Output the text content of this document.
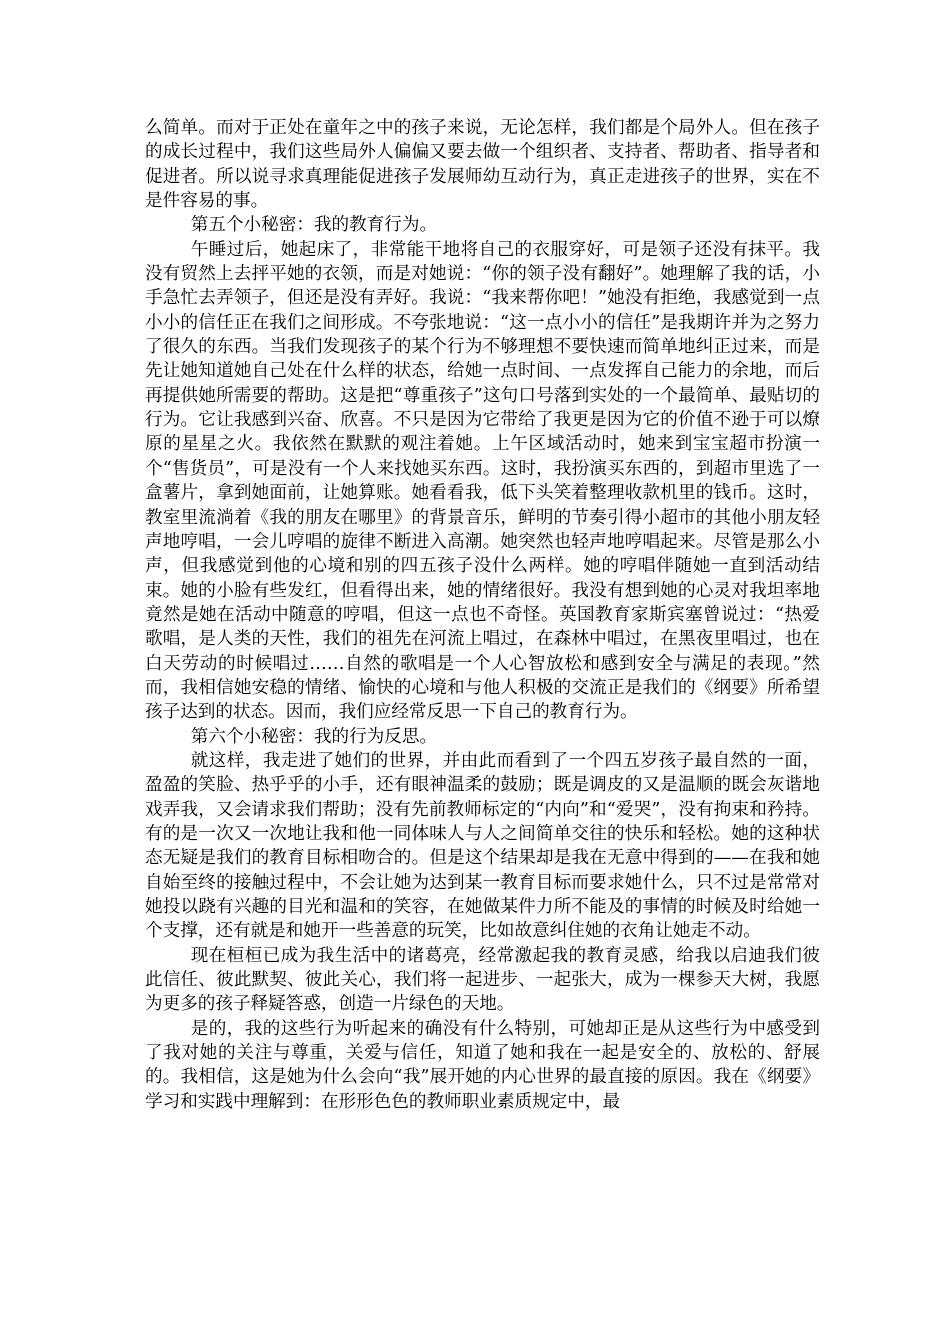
么简单。而对于正处在童年之中的孩子来说，无论怎样，我们都是个局外人。但在孩子的成长过程中，我们这些局外人偏偏又要去做一个组织者、支持者、帮助者、指导者和促进者。所以说寻求真理能促进孩子发展师幼互动行为，真正走进孩子的世界，实在不是件容易的事。

第五个小秘密：我的教育行为。

午睡过后，她起床了，非常能干地将自己的衣服穿好，可是领子还没有抹平。我没有贸然上去抨平她的衣领，而是对她说：“你的领子没有翻好”。她理解了我的话，小手急忙去弄领子，但还是没有弄好。我说：“我来帮你吧！”她没有拒绝，我感觉到一点小小的信任正在我们之间形成。不夸张地说：“这一点小小的信任”是我期许并为之努力了很久的东西。当我们发现孩子的某个行为不够理想不要快速而简单地纠正过来，而是先让她知道她自己处在什么样的状态，给她一点时间、一点发挥自己能力的余地，而后再提供她所需要的帮助。这是把“尊重孩子”这句口号落到实处的一个最简单、最贴切的行为。它让我感到兴奋、欣喜。不只是因为它带给了我更是因为它的价值不逊于可以燎原的星星之火。我依然在默默的观注着她。上午区域活动时，她来到宝宝超市扮演一个“售货员”，可是没有一个人来找她买东西。这时，我扮演买东西的，到超市里选了一盒薯片，拿到她面前，让她算账。她看看我，低下头笑着整理收款机里的钱币。这时，教室里流淌着《我的朋友在哪里》的背景音乐，鲜明的节奏引得小超市的其他小朋友轻声地哼唱，一会儿哼唱的旋律不断进入高潮。她突然也轻声地哼唱起来。尽管是那么小声，但我感觉到他的心境和别的四五孩子没什么两样。她的哼唱伴随她一直到活动结束。她的小脸有些发红，但看得出来，她的情绪很好。我没有想到她的心灵对我坦率地竟然是她在活动中随意的哼唱，但这一点也不奇怪。英国教育家斯宾塞曾说过：“热爱歌唱，是人类的天性，我们的祖先在河流上唱过，在森林中唱过，在黑夜里唱过，也在白天劳动的时候唱过……自然的歌唱是一个人心智放松和感到安全与满足的表现。”然而，我相信她安稳的情绪、愉快的心境和与他人积极的交流正是我们的《纲要》所希望孩子达到的状态。因而，我们应经常反思一下自己的教育行为。

第六个小秘密：我的行为反思。

就这样，我走进了她们的世界，并由此而看到了一个四五岁孩子最自然的一面，盈盈的笑脸、热乎乎的小手，还有眼神温柔的鼓励；既是调皮的又是温顺的既会灰谐地戏弄我，又会请求我们帮助；没有先前教师标定的“内向”和“爱哭”，没有拘束和矜持。有的是一次又一次地让我和他一同体味人与人之间简单交往的快乐和轻松。她的这种状态无疑是我们的教育目标相吻合的。但是这个结果却是我在无意中得到的——在我和她自始至终的接触过程中，不会让她为达到某一教育目标而要求她什么，只不过是常常对她投以跷有兴趣的目光和温和的笑容，在她做某件力所不能及的事情的时候及时给她一个支撑，还有就是和她开一些善意的玩笑，比如故意纠住她的衣角让她走不动。

现在桓桓已成为我生活中的诸葛亮，经常激起我的教育灵感，给我以启迪我们彼此信任、彼此默契、彼此关心，我们将一起进步、一起张大，成为一棵参天大树，我愿为更多的孩子释疑答惑，创造一片绿色的天地。

是的，我的这些行为听起来的确没有什么特别，可她却正是从这些行为中感受到了我对她的关注与尊重，关爱与信任，知道了她和我在一起是安全的、放松的、舒展的。我相信，这是她为什么会向“我”展开她的内心世界的最直接的原因。我在《纲要》学习和实践中理解到：在形形色色的教师职业素质规定中，最
